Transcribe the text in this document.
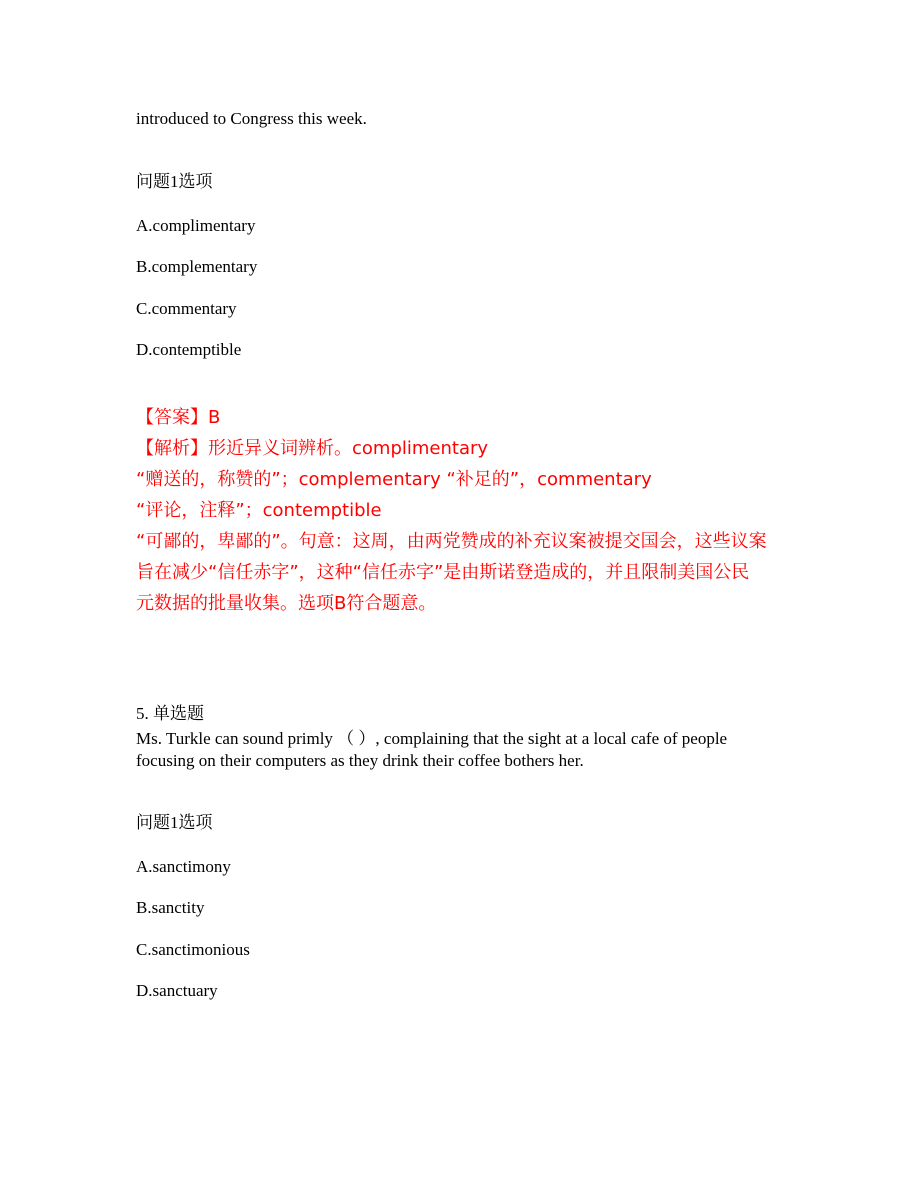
introduced to Congress this week.
问题1选项
A.complimentary
B.complementary
C.commentary
D.contemptible
【答案】B
【解析】形近异义词辨析。complimentary
“赠送的，称赞的”；complementary “补足的”，commentary
“评论，注释”；contemptible
“可鄙的，卑鄙的”。句意：这周，由两党赞成的补充议案被提交国会，这些议案
旨在减少“信任赤字”，这种“信任赤字”是由斯诺登造成的，并且限制美国公民
元数据的批量收集。选项B符合题意。
5. 单选题
Ms. Turkle can sound primly （ ）, complaining that the sight at a local cafe of people
focusing on their computers as they drink their coffee bothers her.
问题1选项
A.sanctimony
B.sanctity
C.sanctimonious
D.sanctuary
